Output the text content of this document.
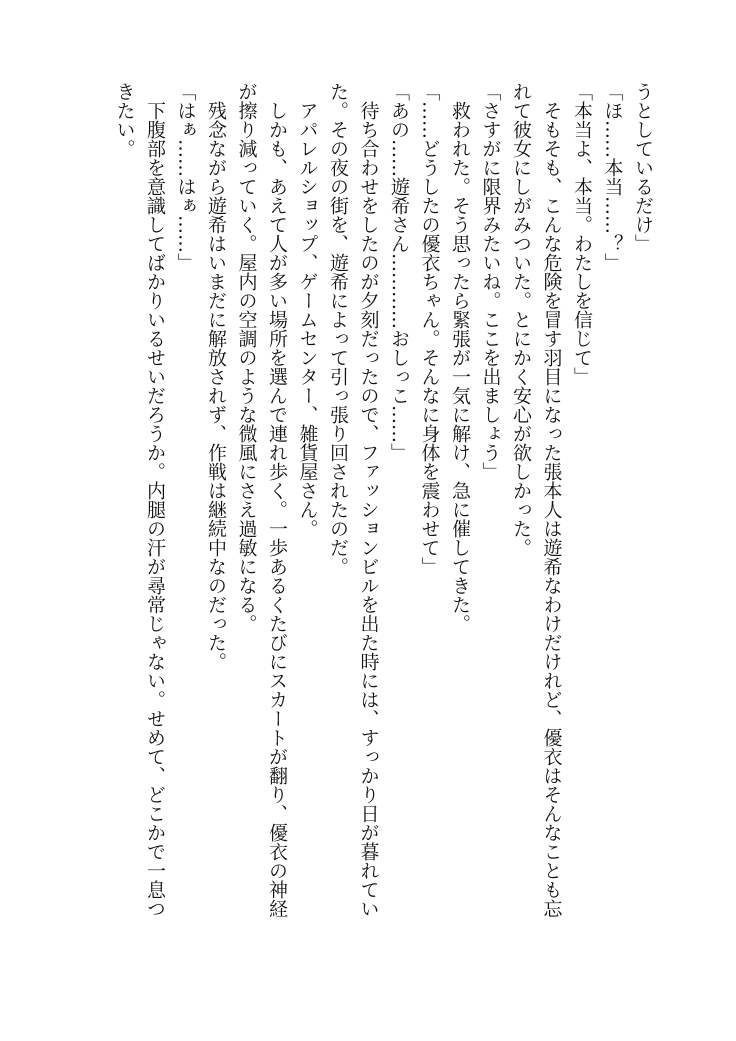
うとしているだけ」
「ほ……本当……？」
「本当よ、本当。わたしを信じて」
　そもそも、こんな危険を冒す羽目になった張本人は遊希なわけだけれど、優衣はそんなことも忘
れて彼女にしがみついた。とにかく安心が欲しかった。
「さすがに限界みたいね。ここを出ましょう」
　救われた。そう思ったら緊張が一気に解け、急に催してきた。
「……どうしたの優衣ちゃん。そんなに身体を震わせて」
「あの……遊希さん…………おしっこ……」
　待ち合わせをしたのが夕刻だったので、ファッションビルを出た時には、すっかり日が暮れてい
た。その夜の街を、遊希によって引っ張り回されたのだ。
　アパレルショップ、ゲームセンター、雑貨屋さん。
　しかも、あえて人が多い場所を選んで連れ歩く。一歩あるくたびにスカートが翻り、優衣の神経
が擦り減っていく。屋内の空調のような微風にさえ過敏になる。
　残念ながら遊希はいまだに解放されず、作戦は継続中なのだった。
「はぁ……はぁ……」
　下腹部を意識してばかりいるせいだろうか。内腿の汗が尋常じゃない。せめて、どこかで一息つ
きたい。
